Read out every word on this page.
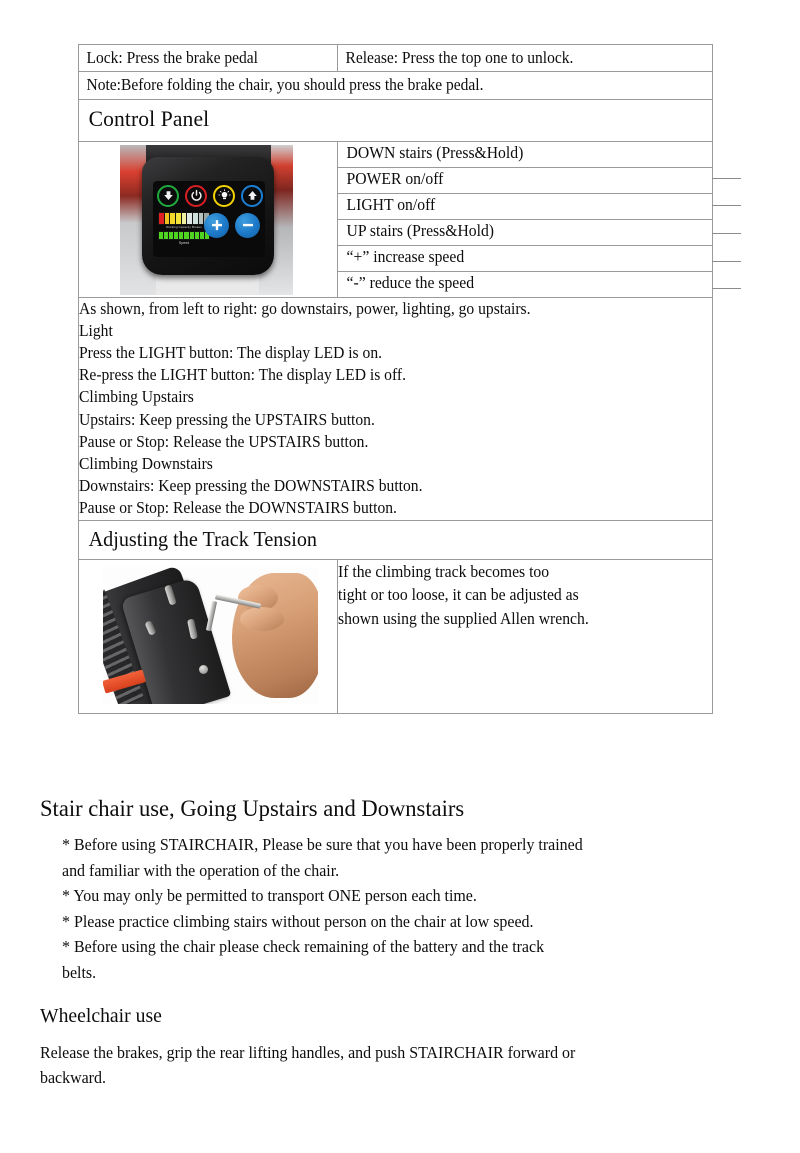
Lock: Press the brake pedal	Release: Press the top one to unlock.

Note:Before folding the chair, you should press the brake pedal.	

Control Panel	

Working Capacity Broken
Speed	DOWN stairs (Press&Hold)

	POWER on/off

	LIGHT on/off

	UP stairs (Press&Hold)

	“+” increase speed

	“-” reduce the speed

As shown, from left to right: go downstairs, power, lighting, go upstairs.

Light

Press the LIGHT button: The display LED is on.

Re-press the LIGHT button: The display LED is off.

Climbing Upstairs

Upstairs: Keep pressing the UPSTAIRS button.

Pause or Stop: Release the UPSTAIRS button.

Climbing Downstairs

Downstairs: Keep pressing the DOWNSTAIRS button.

Pause or Stop: Release the DOWNSTAIRS button.

Adjusting the Track Tension	

	If the climbing track becomes too

tight or too loose, it can be adjusted as

shown using the supplied Allen wrench.

Stair chair use, Going Upstairs and Downstairs

* Before using STAIRCHAIR, Please be sure that you have been properly trained

and familiar with the operation of the chair.

* You may only be permitted to transport ONE person each time.

* Please practice climbing stairs without person on the chair at low speed.

* Before using the chair please check remaining of the battery and the track

belts.

Wheelchair use

Release the brakes, grip the rear lifting handles, and push STAIRCHAIR forward or

backward.
